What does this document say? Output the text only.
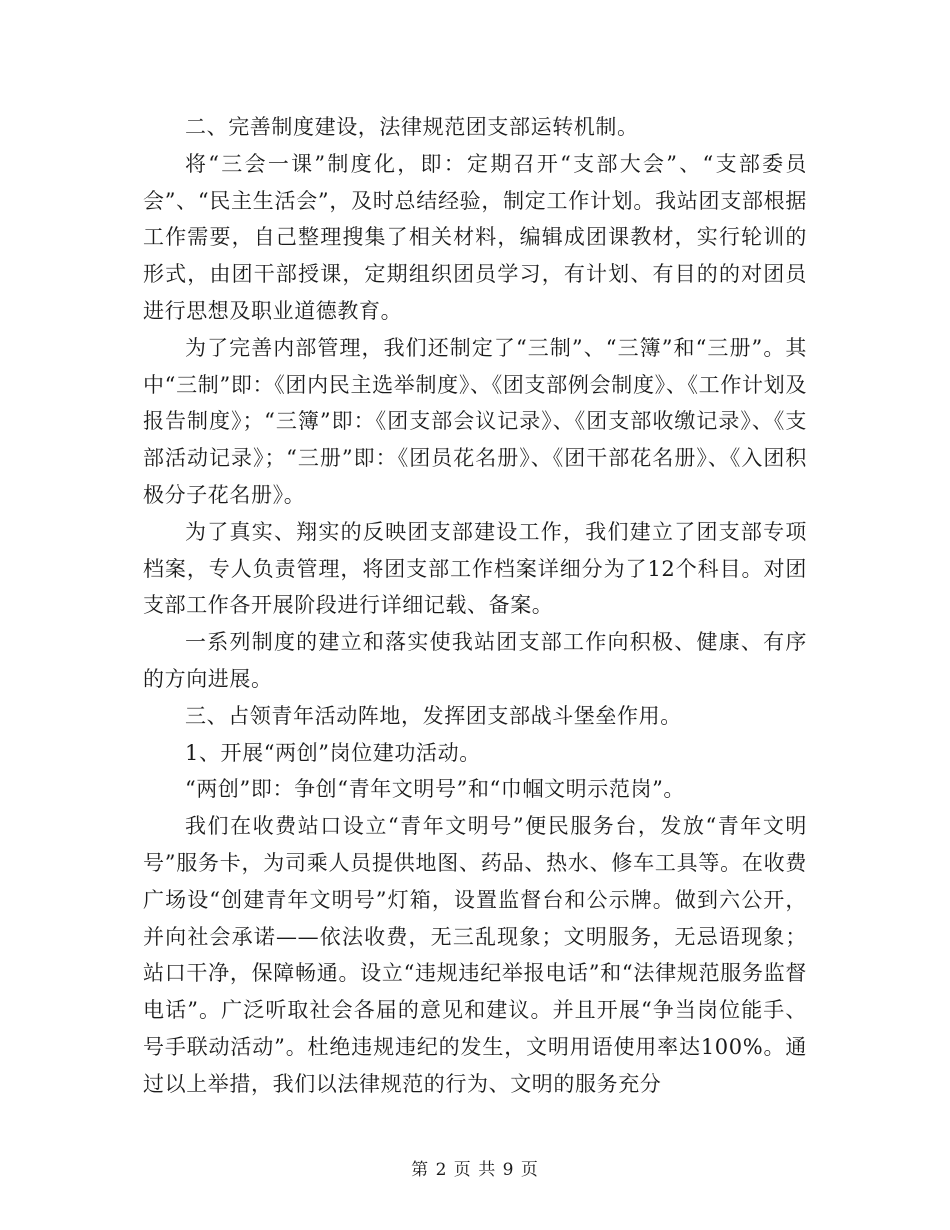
二、完善制度建设，法律规范团支部运转机制。

将“三会一课”制度化，即：定期召开“支部大会”、“支部委员会”、“民主生活会”，及时总结经验，制定工作计划。我站团支部根据工作需要，自己整理搜集了相关材料，编辑成团课教材，实行轮训的形式，由团干部授课，定期组织团员学习，有计划、有目的的对团员进行思想及职业道德教育。

为了完善内部管理，我们还制定了“三制”、“三簿”和“三册”。其中“三制”即：《团内民主选举制度》、《团支部例会制度》、《工作计划及报告制度》；“三簿”即：《团支部会议记录》、《团支部收缴记录》、《支部活动记录》；“三册”即：《团员花名册》、《团干部花名册》、《入团积极分子花名册》。

为了真实、翔实的反映团支部建设工作，我们建立了团支部专项档案，专人负责管理，将团支部工作档案详细分为了12个科目。对团支部工作各开展阶段进行详细记载、备案。

一系列制度的建立和落实使我站团支部工作向积极、健康、有序的方向进展。

三、占领青年活动阵地，发挥团支部战斗堡垒作用。

1、开展“两创”岗位建功活动。

“两创”即：争创“青年文明号”和“巾帼文明示范岗”。

我们在收费站口设立“青年文明号”便民服务台，发放“青年文明号”服务卡，为司乘人员提供地图、药品、热水、修车工具等。在收费广场设“创建青年文明号”灯箱，设置监督台和公示牌。做到六公开，并向社会承诺——依法收费，无三乱现象；文明服务，无忌语现象；站口干净，保障畅通。设立“违规违纪举报电话”和“法律规范服务监督电话”。广泛听取社会各届的意见和建议。并且开展“争当岗位能手、号手联动活动”。杜绝违规违纪的发生，文明用语使用率达100%。通过以上举措，我们以法律规范的行为、文明的服务充分

第 2 页 共 9 页
